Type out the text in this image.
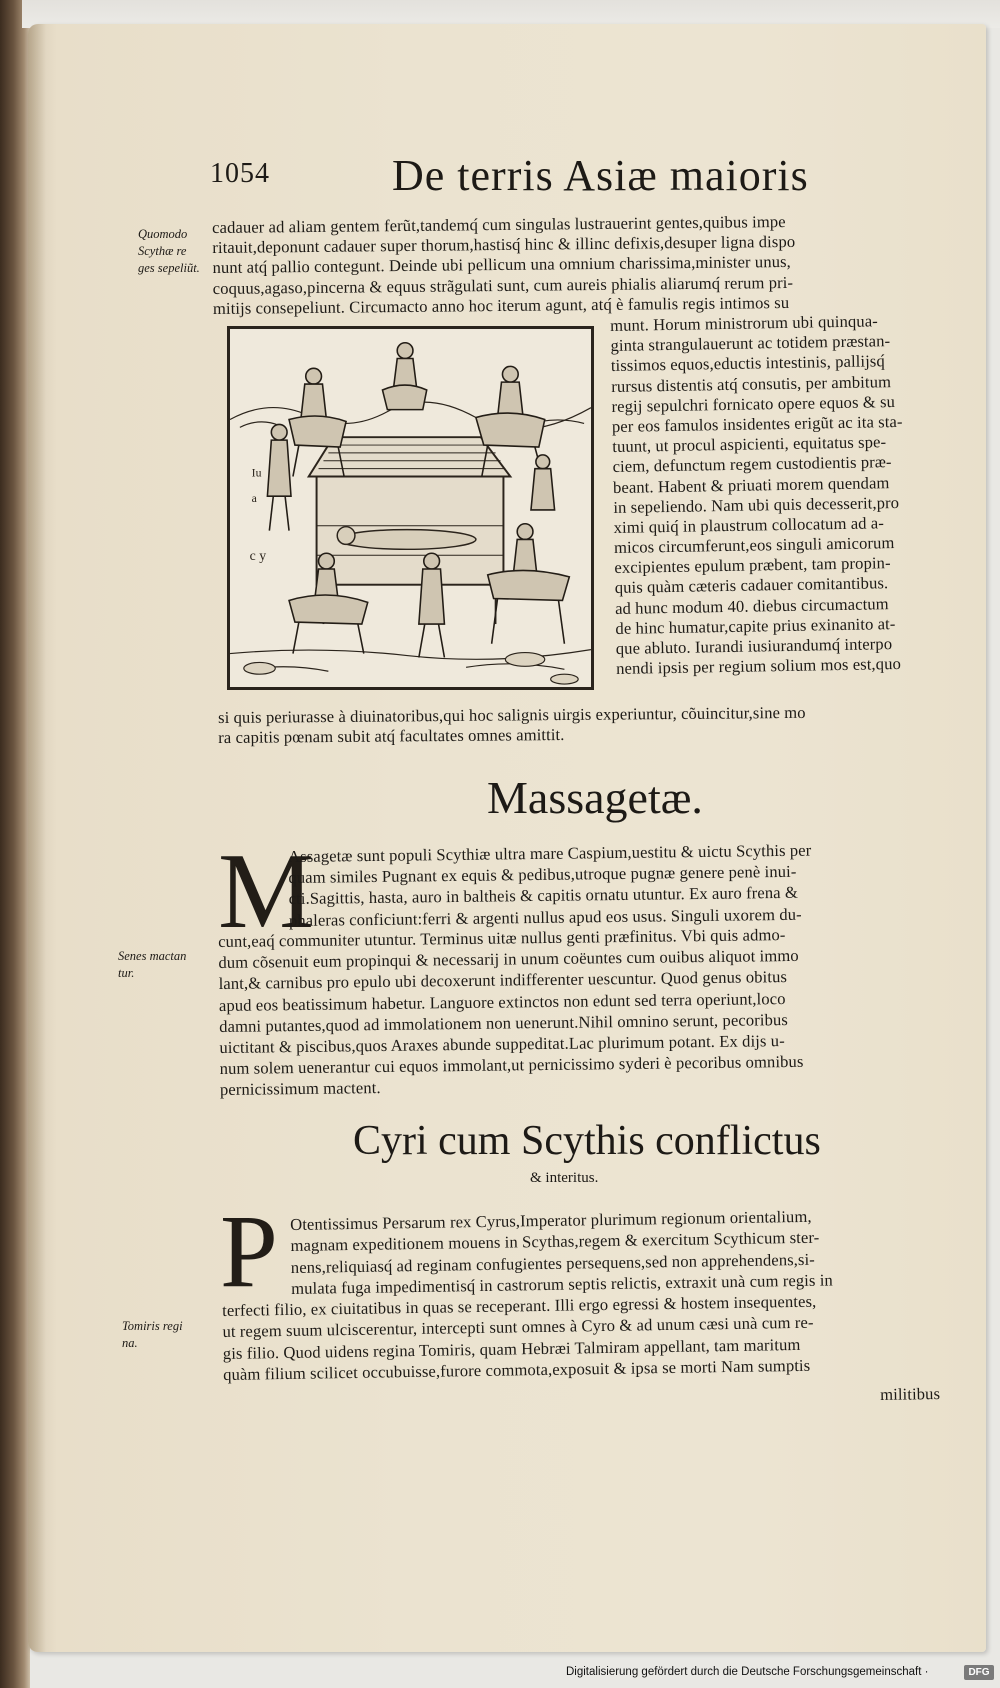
1054	De terris Asiæ maioris
cadauer ad aliam gentem ferũt,tandemq́ cum singulas lustrauerint gentes,quibus impe
ritauit,deponunt cadauer super thorum,hastisq́ hinc & illinc defixis,desuper ligna dispo
nunt atq́ pallio contegunt. Deinde ubi pellicum una omnium charissima,minister unus,
coquus,agaso,pincerna & equus strãgulati sunt, cum aureis phialis aliarumq́ rerum pri-
mitijs consepeliunt. Circumacto anno hoc iterum agunt, atq́ è famulis regis intimos su
Quomodo
Scythæ re
ges sepeliũt.
c y
Iu
a
munt. Horum ministrorum ubi quinqua-
ginta strangulauerunt ac totidem præstan-
tissimos equos,eductis intestinis, pallijsq́
rursus distentis atq́ consutis, per ambitum
regij sepulchri fornicato opere equos & su
per eos famulos insidentes erigũt ac ita sta-
tuunt, ut procul aspicienti, equitatus spe-
ciem, defunctum regem custodientis præ-
beant. Habent & priuati morem quendam
in sepeliendo. Nam ubi quis decesserit,pro
ximi quiq́ in plaustrum collocatum ad a-
micos circumferunt,eos singuli amicorum
excipientes epulum præbent, tam propin-
quis quàm cæteris cadauer comitantibus.
ad hunc modum 40. diebus circumactum
de hinc humatur,capite prius exinanito at-
que abluto. Iurandi iusiurandumq́ interpo
nendi ipsis per regium solium mos est,quo
si quis periurasse à diuinatoribus,qui hoc salignis uirgis experiuntur, cõuincitur,sine mo
ra capitis pœnam subit atq́ facultates omnes amittit.
Massagetæ.
M
Assagetæ sunt populi Scythiæ ultra mare Caspium,uestitu & uictu Scythis per
quam similes Pugnant ex equis & pedibus,utroque pugnæ genere penè inui-
cti.Sagittis, hasta, auro in baltheis & capitis ornatu utuntur. Ex auro frena &
phaleras conficiunt:ferri & argenti nullus apud eos usus. Singuli uxorem du-
cunt,eaq́ communiter utuntur. Terminus uitæ nullus genti præfinitus. Vbi quis admo-
dum cõsenuit eum propinqui & necessarij in unum coëuntes cum ouibus aliquot immo
lant,& carnibus pro epulo ubi decoxerunt indifferenter uescuntur. Quod genus obitus
apud eos beatissimum habetur. Languore extinctos non edunt sed terra operiunt,loco
damni putantes,quod ad immolationem non uenerunt.Nihil omnino serunt, pecoribus
uictitant & piscibus,quos Araxes abunde suppeditat.Lac plurimum potant. Ex dijs u-
num solem uenerantur cui equos immolant,ut pernicissimo syderi è pecoribus omnibus
pernicissimum mactent.
Senes mactan
tur.
Cyri cum Scythis conflictus
& interitus.
P Otentissimus Persarum rex Cyrus,Imperator plurimum regionum orientalium,
magnam expeditionem mouens in Scythas,regem & exercitum Scythicum ster-
nens,reliquiasq́ ad reginam confugientes persequens,sed non apprehendens,si-
mulata fuga impedimentisq́ in castrorum septis relictis, extraxit unà cum regis in
terfecti filio, ex ciuitatibus in quas se receperant. Illi ergo egressi & hostem insequentes,
ut regem suum ulciscerentur, intercepti sunt omnes à Cyro & ad unum cæsi unà cum re-
gis filio. Quod uidens regina Tomiris, quam Hebræi Talmiram appellant, tam maritum
quàm filium scilicet occubuisse,furore commota,exposuit & ipsa se morti Nam sumptis
militibus
Tomiris regi
na.
Digitalisierung gefördert durch die Deutsche Forschungsgemeinschaft ·	DFG
